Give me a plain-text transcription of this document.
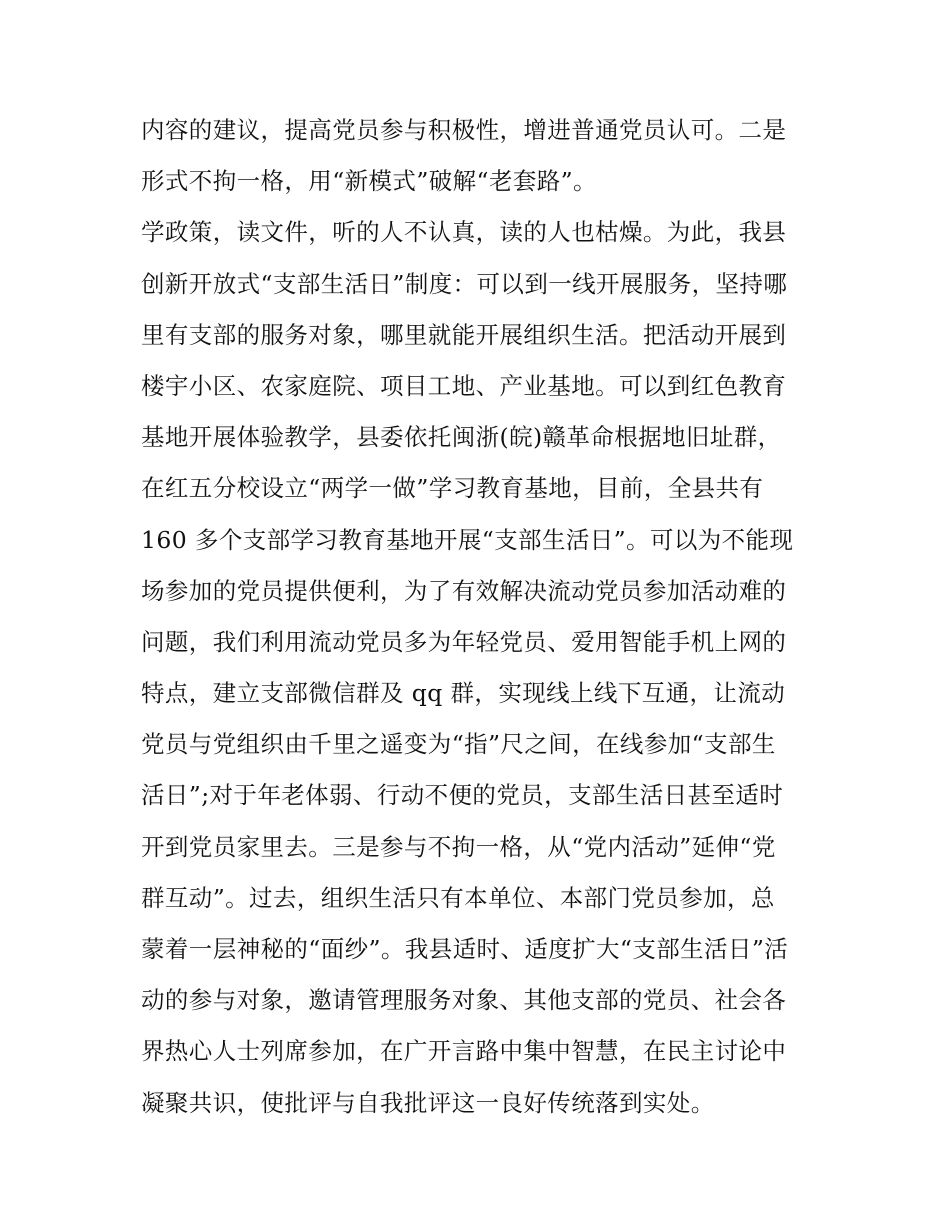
内容的建议，提高党员参与积极性，增进普通党员认可。二是
形式不拘一格，用“新模式”破解“老套路”。
学政策，读文件，听的人不认真，读的人也枯燥。为此，我县
创新开放式“支部生活日”制度：可以到一线开展服务，坚持哪
里有支部的服务对象，哪里就能开展组织生活。把活动开展到
楼宇小区、农家庭院、项目工地、产业基地。可以到红色教育
基地开展体验教学，县委依托闽浙(皖)赣革命根据地旧址群，
在红五分校设立“两学一做”学习教育基地，目前，全县共有
160 多个支部学习教育基地开展“支部生活日”。可以为不能现
场参加的党员提供便利，为了有效解决流动党员参加活动难的
问题，我们利用流动党员多为年轻党员、爱用智能手机上网的
特点，建立支部微信群及 qq 群，实现线上线下互通，让流动
党员与党组织由千里之遥变为“指”尺之间，在线参加“支部生
活日”;对于年老体弱、行动不便的党员，支部生活日甚至适时
开到党员家里去。三是参与不拘一格，从“党内活动”延伸“党
群互动”。过去，组织生活只有本单位、本部门党员参加，总
蒙着一层神秘的“面纱”。我县适时、适度扩大“支部生活日”活
动的参与对象，邀请管理服务对象、其他支部的党员、社会各
界热心人士列席参加，在广开言路中集中智慧，在民主讨论中
凝聚共识，使批评与自我批评这一良好传统落到实处。
